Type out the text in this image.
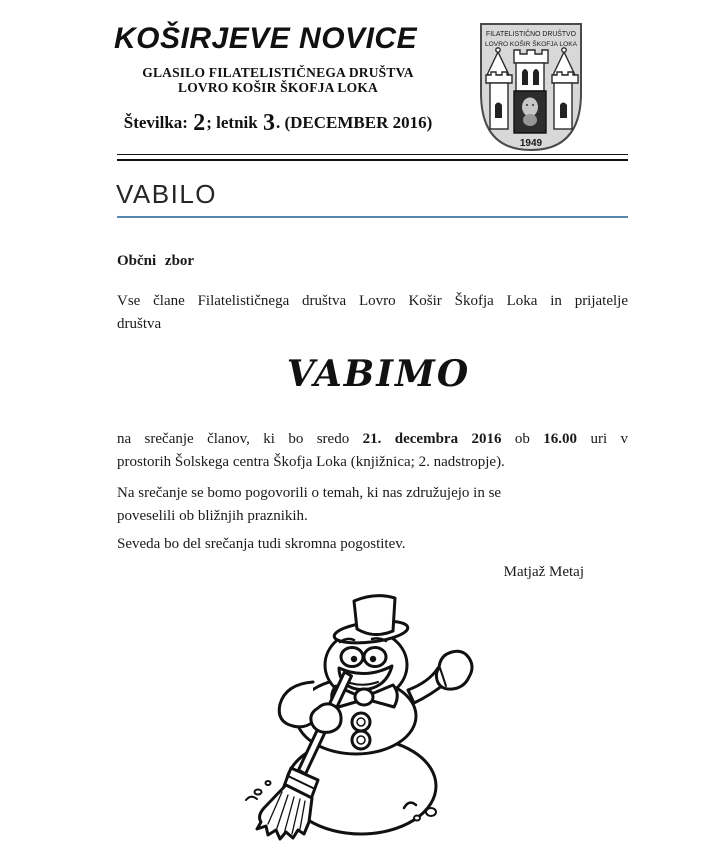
KOŠIRJEVE NOVICE
GLASILO FILATELISTIČNEGA DRUŠTVA
LOVRO KOŠIR ŠKOFJA LOKA
Številka: 2; letnik 3. (DECEMBER 2016)
FILATELISTIČNO DRUŠTVO
LOVRO KOŠIR ŠKOFJA LOKA
1949
VABILO
Občni zbor
Vse člane Filatelističnega društva Lovro Košir Škofja Loka in prijatelje
društva
VABIMO
na srečanje članov, ki bo sredo 21. decembra 2016 ob 16.00 uri v
prostorih Šolskega centra Škofja Loka (knjižnica; 2. nadstropje).
Na srečanje se bomo pogovorili o temah, ki nas združujejo in se
poveselili ob bližnjih praznikih.
Seveda bo del srečanja tudi skromna pogostitev.
Matjaž Metaj
